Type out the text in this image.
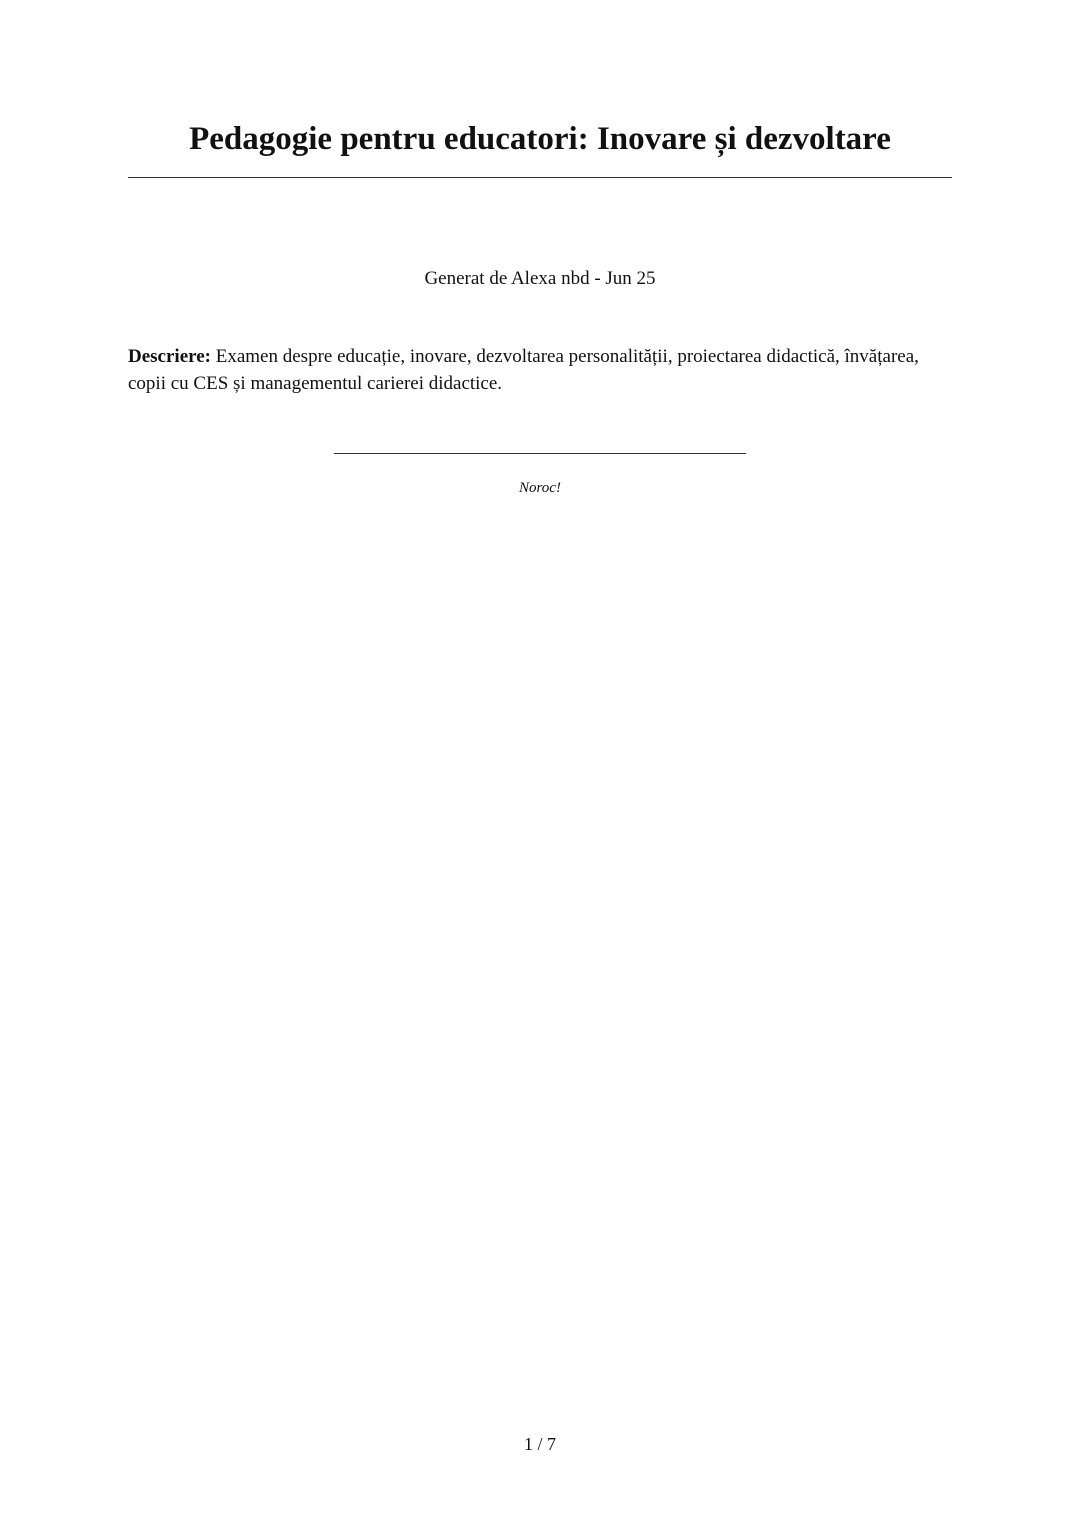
Pedagogie pentru educatori: Inovare și dezvoltare
Generat de Alexa nbd - Jun 25

Descriere: Examen despre educație, inovare, dezvoltarea personalității, proiectarea didactică, învățarea, copii cu CES și managementul carierei didactice.

Noroc!
1 / 7
